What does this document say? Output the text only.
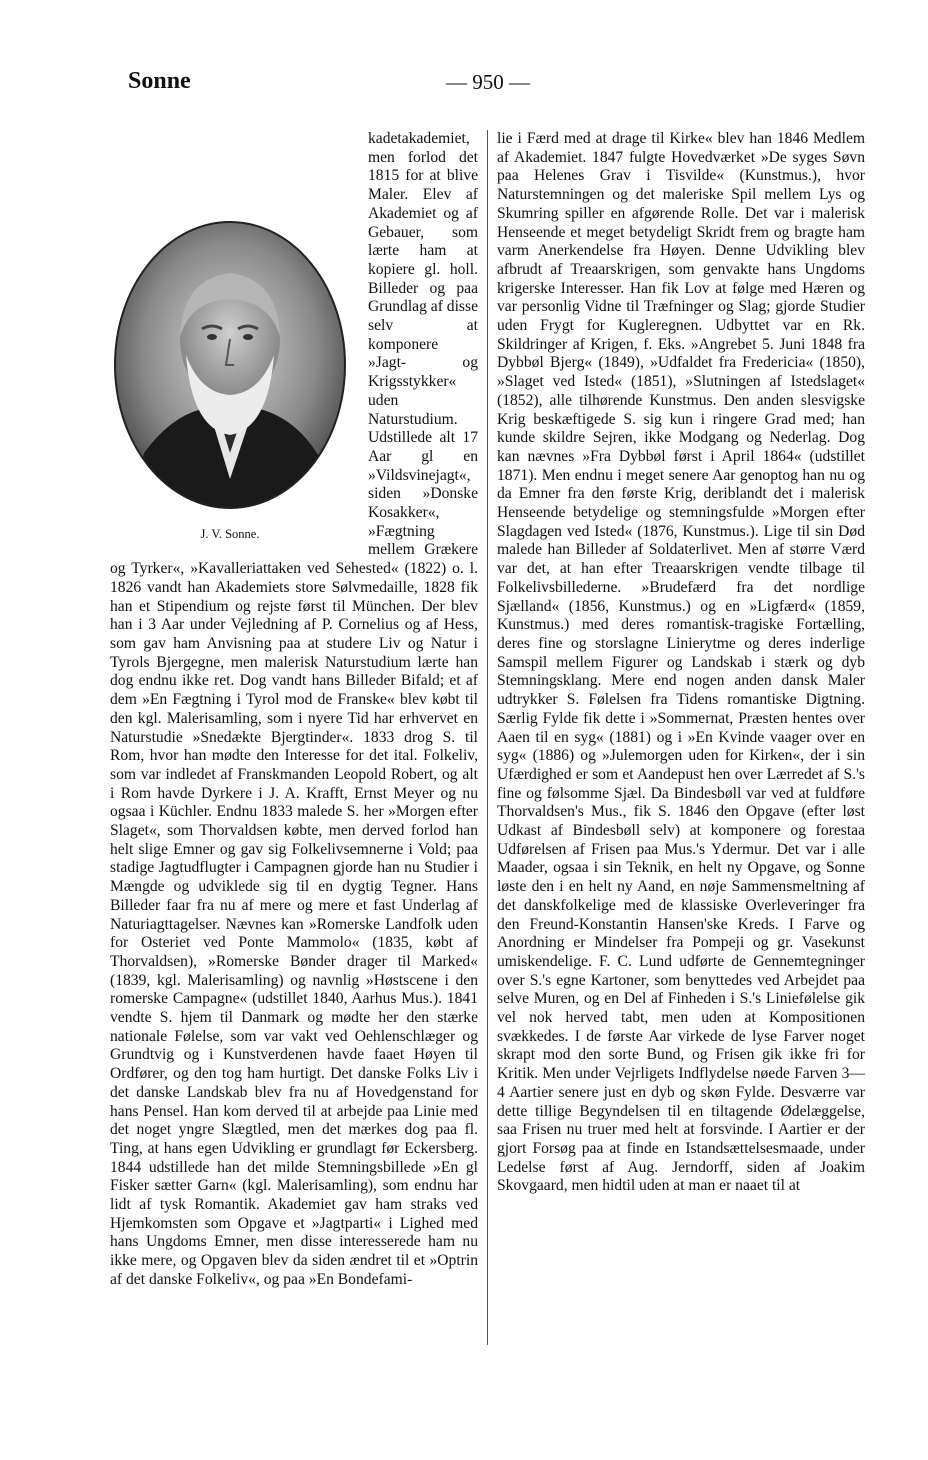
Sonne	— 950 —
J. V. Sonne.

kadetakademiet, men forlod det 1815 for at blive Maler. Elev af Akademiet og af Gebauer, som lærte ham at kopiere gl. holl. Billeder og paa Grundlag af disse selv at komponere »Jagt- og Krigsstykker« uden Naturstudium. Udstillede alt 17 Aar gl en »Vildsvinejagt«, siden »Donske Kosakker«, »Fægtning mellem Grækere og Tyrker«, »Kavalleriattaken ved Sehested« (1822) o. l. 1826 vandt han Akademiets store Sølvmedaille, 1828 fik han et Stipendium og rejste først til München. Der blev han i 3 Aar under Vejledning af P. Cornelius og af Hess, som gav ham Anvisning paa at studere Liv og Natur i Tyrols Bjergegne, men malerisk Naturstudium lærte han dog endnu ikke ret. Dog vandt hans Billeder Bifald; et af dem »En Fægtning i Tyrol mod de Franske« blev købt til den kgl. Malerisamling, som i nyere Tid har erhvervet en Naturstudie »Snedækte Bjergtinder«. 1833 drog S. til Rom, hvor han mødte den Interesse for det ital. Folkeliv, som var indledet af Franskmanden Leopold Robert, og alt i Rom havde Dyrkere i J. A. Krafft, Ernst Meyer og nu ogsaa i Küchler. Endnu 1833 malede S. her »Morgen efter Slaget«, som Thorvaldsen købte, men derved forlod han helt slige Emner og gav sig Folkelivsemnerne i Vold; paa stadige Jagtudflugter i Campagnen gjorde han nu Studier i Mængde og udviklede sig til en dygtig Tegner. Hans Billeder faar fra nu af mere og mere et fast Underlag af Naturiagttagelser. Nævnes kan »Romerske Landfolk uden for Osteriet ved Ponte Mammolo« (1835, købt af Thorvaldsen), »Romerske Bønder drager til Marked« (1839, kgl. Malerisamling) og navnlig »Høstscene i den romerske Campagne« (udstillet 1840, Aarhus Mus.). 1841 vendte S. hjem til Danmark og mødte her den stærke nationale Følelse, som var vakt ved Oehlenschlæger og Grundtvig og i Kunstverdenen havde faaet Høyen til Ordfører, og den tog ham hurtigt. Det danske Folks Liv i det danske Landskab blev fra nu af Hovedgenstand for hans Pensel. Han kom derved til at arbejde paa Linie med det noget yngre Slægtled, men det mærkes dog paa fl. Ting, at hans egen Udvikling er grundlagt før Eckersberg. 1844 udstillede han det milde Stemningsbillede »En gl Fisker sætter Garn« (kgl. Malerisamling), som endnu har lidt af tysk Romantik. Akademiet gav ham straks ved Hjemkomsten som Opgave et »Jagtparti« i Lighed med hans Ungdoms Emner, men disse interesserede ham nu ikke mere, og Opgaven blev da siden ændret til et »Optrin af det danske Folkeliv«, og paa »En Bondefami-

lie i Færd med at drage til Kirke« blev han 1846 Medlem af Akademiet. 1847 fulgte Hovedværket »De syges Søvn paa Helenes Grav i Tisvilde« (Kunstmus.), hvor Naturstemningen og det maleriske Spil mellem Lys og Skumring spiller en afgørende Rolle. Det var i malerisk Henseende et meget betydeligt Skridt frem og bragte ham varm Anerkendelse fra Høyen. Denne Udvikling blev afbrudt af Treaarskrigen, som genvakte hans Ungdoms krigerske Interesser. Han fik Lov at følge med Hæren og var personlig Vidne til Træfninger og Slag; gjorde Studier uden Frygt for Kugleregnen. Udbyttet var en Rk. Skildringer af Krigen, f. Eks. »Angrebet 5. Juni 1848 fra Dybbøl Bjerg« (1849), »Udfaldet fra Fredericia« (1850), »Slaget ved Isted« (1851), »Slutningen af Istedslaget« (1852), alle tilhørende Kunstmus. Den anden slesvigske Krig beskæftigede S. sig kun i ringere Grad med; han kunde skildre Sejren, ikke Modgang og Nederlag. Dog kan nævnes »Fra Dybbøl først i April 1864« (udstillet 1871). Men endnu i meget senere Aar genoptog han nu og da Emner fra den første Krig, deriblandt det i malerisk Henseende betydelige og stemningsfulde »Morgen efter Slagdagen ved Isted« (1876, Kunstmus.). Lige til sin Død malede han Billeder af Soldaterlivet. Men af større Værd var det, at han efter Treaarskrigen vendte tilbage til Folkelivsbillederne. »Brudefærd fra det nordlige Sjælland« (1856, Kunstmus.) og en »Ligfærd« (1859, Kunstmus.) med deres romantisk-tragiske Fortælling, deres fine og storslagne Linierytme og deres inderlige Samspil mellem Figurer og Landskab i stærk og dyb Stemningsklang. Mere end nogen anden dansk Maler udtrykker S. Følelsen fra Tidens romantiske Digtning. Særlig Fylde fik dette i »Sommernat, Præsten hentes over Aaen til en syg« (1881) og i »En Kvinde vaager over en syg« (1886) og »Julemorgen uden for Kirken«, der i sin Ufærdighed er som et Aandepust hen over Lærredet af S.'s fine og følsomme Sjæl. Da Bindesbøll var ved at fuldføre Thorvaldsen's Mus., fik S. 1846 den Opgave (efter løst Udkast af Bindesbøll selv) at komponere og forestaa Udførelsen af Frisen paa Mus.'s Ydermur. Det var i alle Maader, ogsaa i sin Teknik, en helt ny Opgave, og Sonne løste den i en helt ny Aand, en nøje Sammensmeltning af det danskfolkelige med de klassiske Overleveringer fra den Freund-Konstantin Hansen'ske Kreds. I Farve og Anordning er Mindelser fra Pompeji og gr. Vasekunst umiskendelige. F. C. Lund udførte de Gennemtegninger over S.'s egne Kartoner, som benyttedes ved Arbejdet paa selve Muren, og en Del af Finheden i S.'s Liniefølelse gik vel nok herved tabt, men uden at Kompositionen svækkedes. I de første Aar virkede de lyse Farver noget skrapt mod den sorte Bund, og Frisen gik ikke fri for Kritik. Men under Vejrligets Indflydelse nøede Farven 3—4 Aartier senere just en dyb og skøn Fylde. Desværre var dette tillige Begyndelsen til en tiltagende Ødelæggelse, saa Frisen nu truer med helt at forsvinde. I Aartier er der gjort Forsøg paa at finde en Istandsættelsesmaade, under Ledelse først af Aug. Jerndorff, siden af Joakim Skovgaard, men hidtil uden at man er naaet til at
